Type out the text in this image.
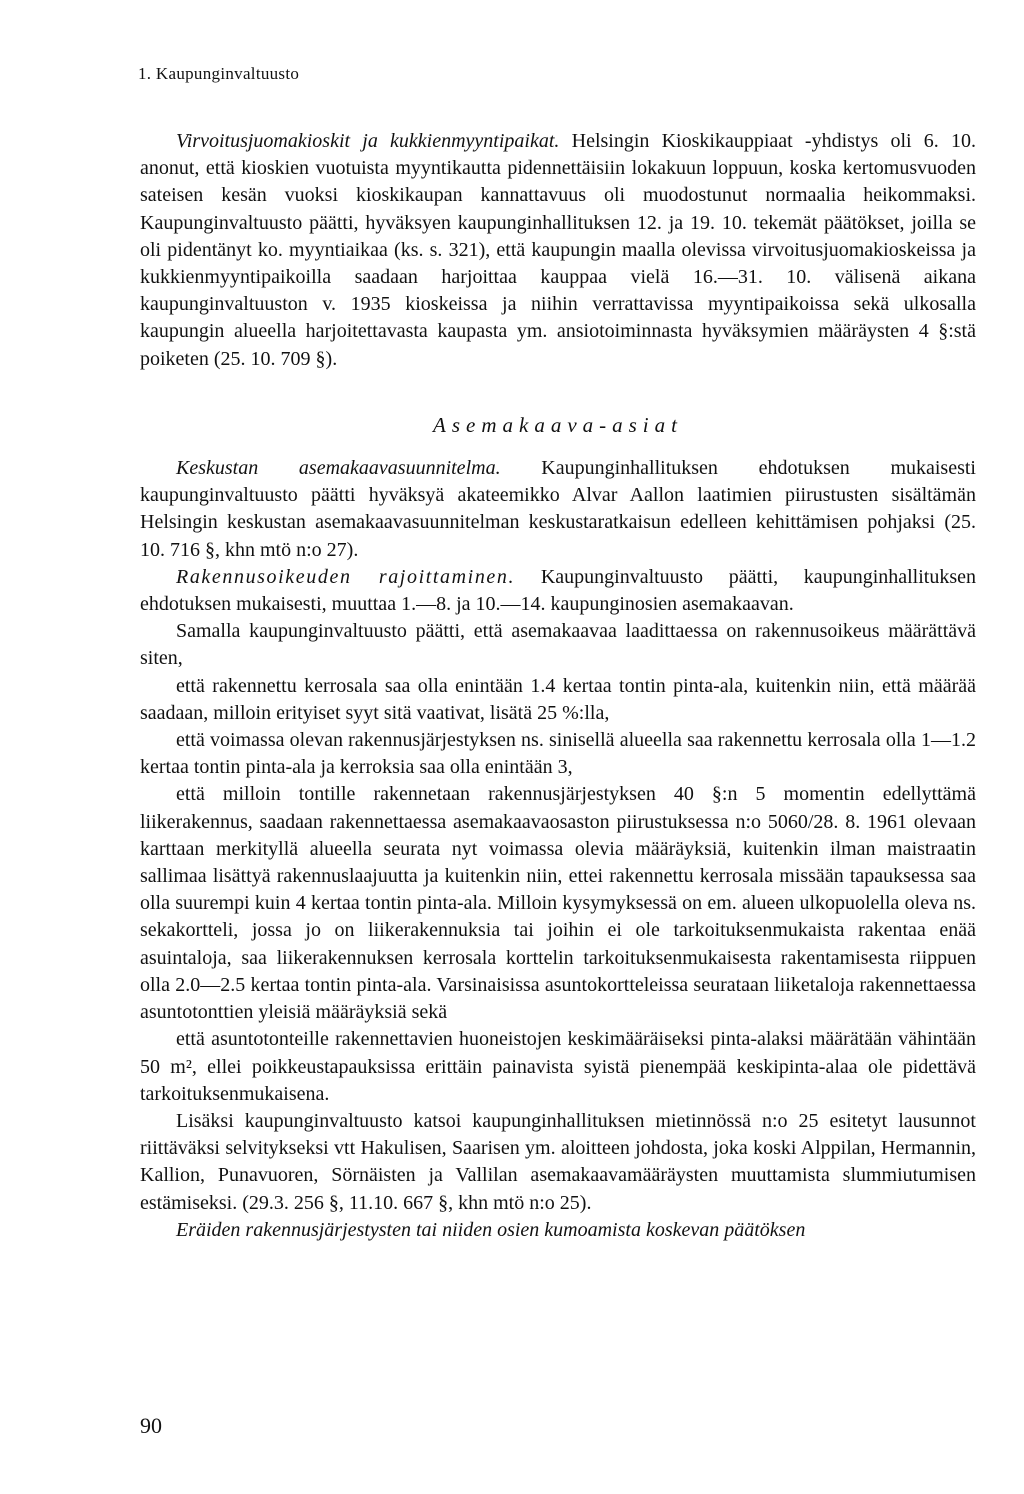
1. Kaupunginvaltuusto

Virvoitusjuomakioskit ja kukkienmyyntipaikat. Helsingin Kioskikauppiaat -yhdistys oli 6. 10. anonut, että kioskien vuotuista myyntikautta pidennettäisiin lokakuun loppuun, koska kertomusvuoden sateisen kesän vuoksi kioskikaupan kannattavuus oli muodostunut normaalia heikommaksi. Kaupunginvaltuusto päätti, hyväksyen kaupunginhallituksen 12. ja 19. 10. tekemät päätökset, joilla se oli pidentänyt ko. myyntiaikaa (ks. s. 321), että kaupungin maalla olevissa virvoitusjuomakioskeissa ja kukkienmyyntipaikoilla saadaan harjoittaa kauppaa vielä 16.—31. 10. välisenä aikana kaupunginvaltuuston v. 1935 kioskeissa ja niihin verrattavissa myyntipaikoissa sekä ulkosalla kaupungin alueella harjoitettavasta kaupasta ym. ansiotoiminnasta hyväksymien määräysten 4 §:stä poiketen (25. 10. 709 §).

Asemakaava-asiat

Keskustan asemakaavasuunnitelma. Kaupunginhallituksen ehdotuksen mukaisesti kaupunginvaltuusto päätti hyväksyä akateemikko Alvar Aallon laatimien piirustusten sisältämän Helsingin keskustan asemakaavasuunnitelman keskustaratkaisun edelleen kehittämisen pohjaksi (25. 10. 716 §, khn mtö n:o 27).

Rakennusoikeuden rajoittaminen. Kaupunginvaltuusto päätti, kaupunginhallituksen ehdotuksen mukaisesti, muuttaa 1.—8. ja 10.—14. kaupunginosien asemakaavan.

Samalla kaupunginvaltuusto päätti, että asemakaavaa laadittaessa on rakennusoikeus määrättävä siten,

että rakennettu kerrosala saa olla enintään 1.4 kertaa tontin pinta-ala, kuitenkin niin, että määrää saadaan, milloin erityiset syyt sitä vaativat, lisätä 25 %:lla,

että voimassa olevan rakennusjärjestyksen ns. sinisellä alueella saa rakennettu kerrosala olla 1—1.2 kertaa tontin pinta-ala ja kerroksia saa olla enintään 3,

että milloin tontille rakennetaan rakennusjärjestyksen 40 §:n 5 momentin edellyttämä liikerakennus, saadaan rakennettaessa asemakaavaosaston piirustuksessa n:o 5060/28. 8. 1961 olevaan karttaan merkityllä alueella seurata nyt voimassa olevia määräyksiä, kuitenkin ilman maistraatin sallimaa lisättyä rakennuslaajuutta ja kuitenkin niin, ettei rakennettu kerrosala missään tapauksessa saa olla suurempi kuin 4 kertaa tontin pinta-ala. Milloin kysymyksessä on em. alueen ulkopuolella oleva ns. sekakortteli, jossa jo on liikerakennuksia tai joihin ei ole tarkoituksenmukaista rakentaa enää asuintaloja, saa liikerakennuksen kerrosala korttelin tarkoituksenmukaisesta rakentamisesta riippuen olla 2.0—2.5 kertaa tontin pinta-ala. Varsinaisissa asuntokortteleissa seurataan liiketaloja rakennettaessa asuntotonttien yleisiä määräyksiä sekä

että asuntotonteille rakennettavien huoneistojen keskimääräiseksi pinta-alaksi määrätään vähintään 50 m², ellei poikkeustapauksissa erittäin painavista syistä pienempää keskipinta-alaa ole pidettävä tarkoituksenmukaisena.

Lisäksi kaupunginvaltuusto katsoi kaupunginhallituksen mietinnössä n:o 25 esitetyt lausunnot riittäväksi selvitykseksi vtt Hakulisen, Saarisen ym. aloitteen johdosta, joka koski Alppilan, Hermannin, Kallion, Punavuoren, Sörnäisten ja Vallilan asemakaavamääräysten muuttamista slummiutumisen estämiseksi. (29.3. 256 §, 11.10. 667 §, khn mtö n:o 25).

Eräiden rakennusjärjestysten tai niiden osien kumoamista koskevan päätöksen

90
